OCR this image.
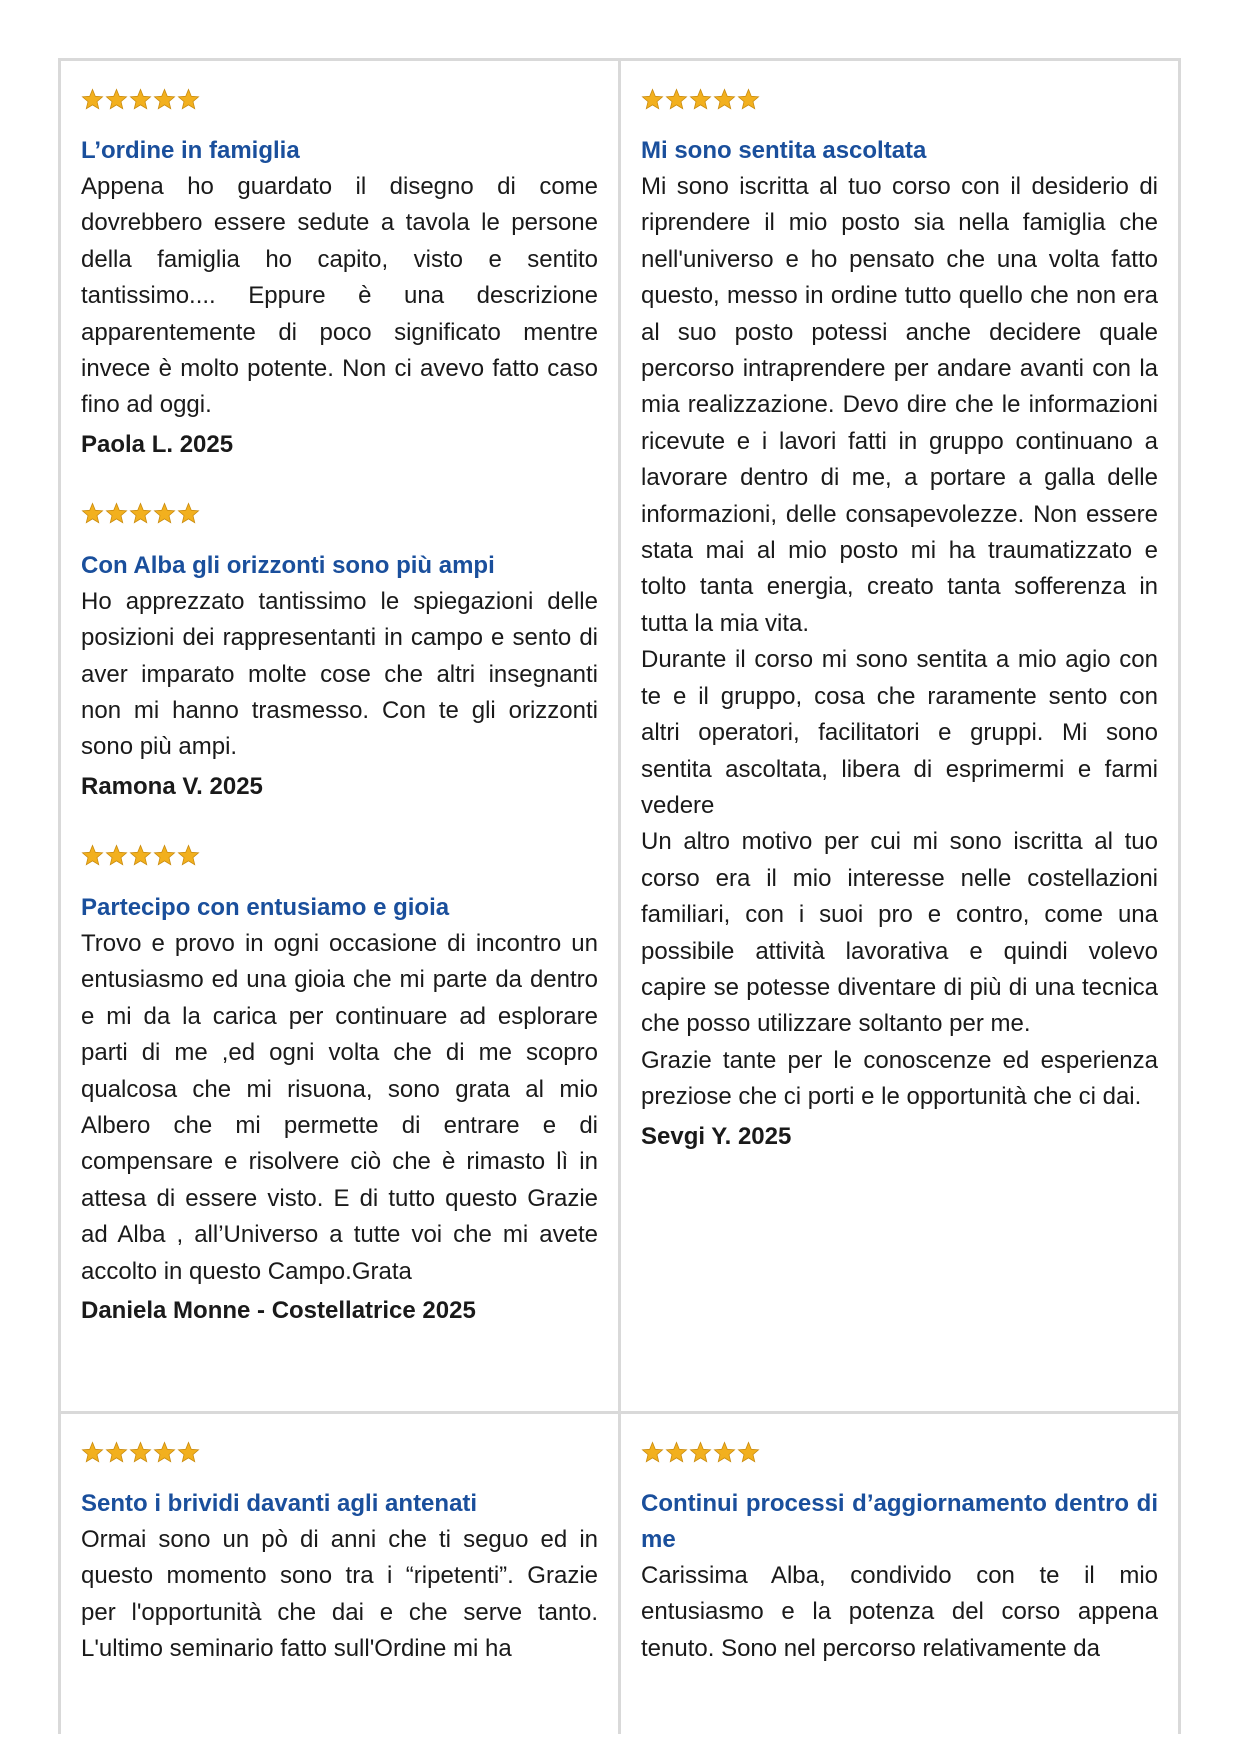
L’ordine in famiglia

Appena ho guardato il disegno di come dovrebbero essere sedute a tavola le persone della famiglia ho capito, visto e sentito tantissimo.... Eppure è una descrizione apparentemente di poco significato mentre invece è molto potente. Non ci avevo fatto caso fino ad oggi.

Paola L. 2025
Con Alba gli orizzonti sono più ampi

Ho apprezzato tantissimo le spiegazioni delle posizioni dei rappresentanti in campo e sento di aver imparato molte cose che altri insegnanti non mi hanno trasmesso. Con te gli orizzonti sono più ampi.

Ramona V. 2025
Partecipo con entusiamo e gioia

Trovo e provo in ogni occasione di incontro un entusiasmo ed una gioia che mi parte da dentro e mi da la carica per continuare ad esplorare parti di me ,ed ogni volta che di me scopro qualcosa che mi risuona, sono grata al mio Albero che mi permette di entrare e di compensare e risolvere ciò che è rimasto lì in attesa di essere visto. E di tutto questo Grazie ad Alba , all’Universo a tutte voi che mi avete accolto in questo Campo.Grata

Daniela Monne - Costellatrice 2025
Mi sono sentita ascoltata

Mi sono iscritta al tuo corso con il desiderio di riprendere il mio posto sia nella famiglia che nell'universo e ho pensato che una volta fatto questo, messo in ordine tutto quello che non era al suo posto potessi anche decidere quale percorso intraprendere per andare avanti con la mia realizzazione. Devo dire che le informazioni ricevute e i lavori fatti in gruppo continuano a lavorare dentro di me, a portare a galla delle informazioni, delle consapevolezze. Non essere stata mai al mio posto mi ha traumatizzato e tolto tanta energia, creato tanta sofferenza in tutta la mia vita.

Durante il corso mi sono sentita a mio agio con te e il gruppo, cosa che raramente sento con altri operatori, facilitatori e gruppi. Mi sono sentita ascoltata, libera di esprimermi e farmi vedere

Un altro motivo per cui mi sono iscritta al tuo corso era il mio interesse nelle costellazioni familiari, con i suoi pro e contro, come una possibile attività lavorativa e quindi volevo capire se potesse diventare di più di una tecnica che posso utilizzare soltanto per me.

Grazie tante per le conoscenze ed esperienza preziose che ci porti e le opportunità che ci dai.

Sevgi Y. 2025
Sento i brividi davanti agli antenati

Ormai sono un pò di anni che ti seguo ed in questo momento sono tra i “ripetenti”. Grazie per l'opportunità che dai e che serve tanto. L'ultimo seminario fatto sull'Ordine mi ha

Continui processi d’aggiornamento dentro di me

Carissima Alba, condivido con te il mio entusiasmo e la potenza del corso appena tenuto. Sono nel percorso relativamente da
